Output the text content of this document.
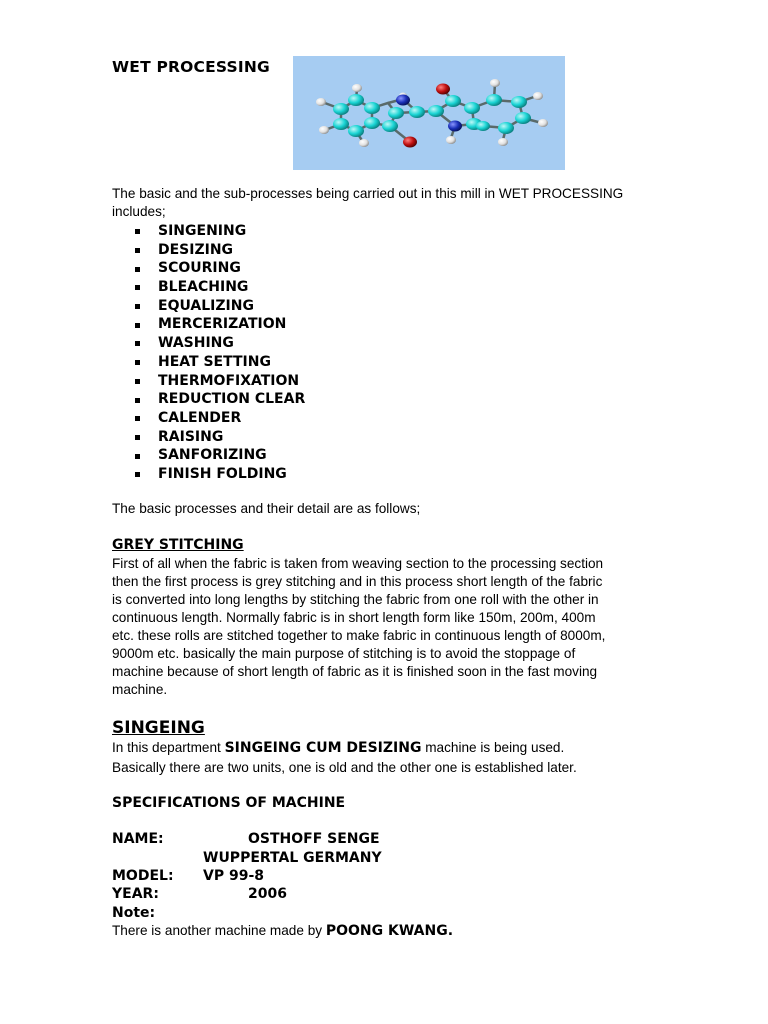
WET PROCESSING
The basic and the sub-processes being carried out in this mill in WET PROCESSING includes;
SINGENING
DESIZING
SCOURING
BLEACHING
EQUALIZING
MERCERIZATION
WASHING
HEAT SETTING
THERMOFIXATION
REDUCTION CLEAR
CALENDER
RAISING
SANFORIZING
FINISH FOLDING
The basic processes and their detail are as follows;
GREY STITCHING
First of all when the fabric is taken from weaving section to the processing section
then the first process is grey stitching and in this process short length of the fabric
is converted into long lengths by stitching the fabric from one roll with the other in
continuous length. Normally fabric is in short length form like 150m, 200m, 400m
etc. these rolls are stitched together to make fabric in continuous length of 8000m,
9000m etc. basically the main purpose of stitching is to avoid the stoppage of
machine because of short length of fabric as it is finished soon in the fast moving
machine.
SINGEING
In this department SINGEING CUM DESIZING machine is being used.
Basically there are two units, one is old and the other one is established later.
SPECIFICATIONS OF MACHINE
NAME:	OSTHOFF SENGE
WUPPERTAL GERMANY
MODEL: VP 99-8
YEAR:	2006
Note:
There is another machine made by POONG KWANG.
